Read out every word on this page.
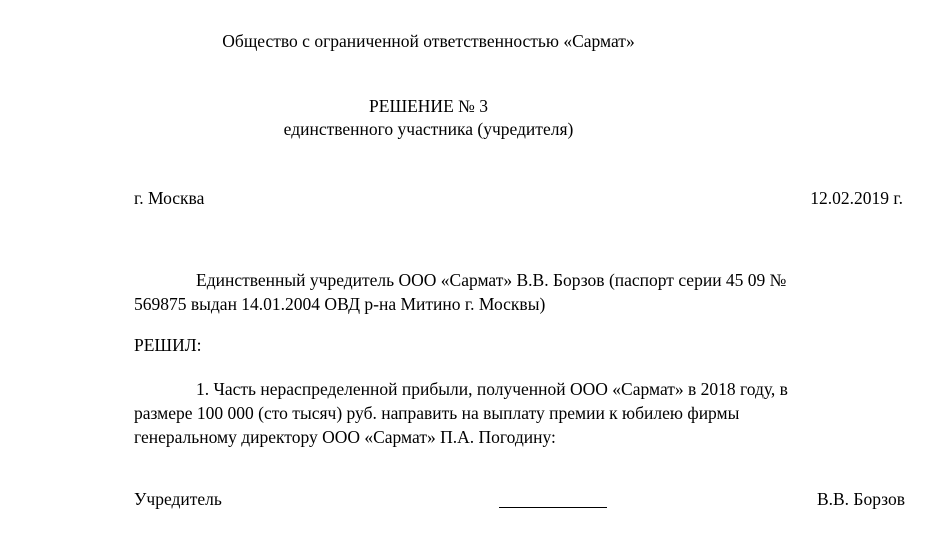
Общество с ограниченной ответственностью «Сармат»
РЕШЕНИЕ № 3
единственного участника (учредителя)
г. Москва	12.02.2019 г.
Единственный учредитель ООО «Сармат» В.В. Борзов (паспорт серии 45 09 №
569875 выдан 14.01.2004 ОВД р-на Митино г. Москвы)
РЕШИЛ:
1. Часть нераспределенной прибыли, полученной ООО «Сармат» в 2018 году, в
размере 100 000 (сто тысяч) руб. направить на выплату премии к юбилею фирмы
генеральному директору ООО «Сармат» П.А. Погодину:
Учредитель	В.В. Борзов
